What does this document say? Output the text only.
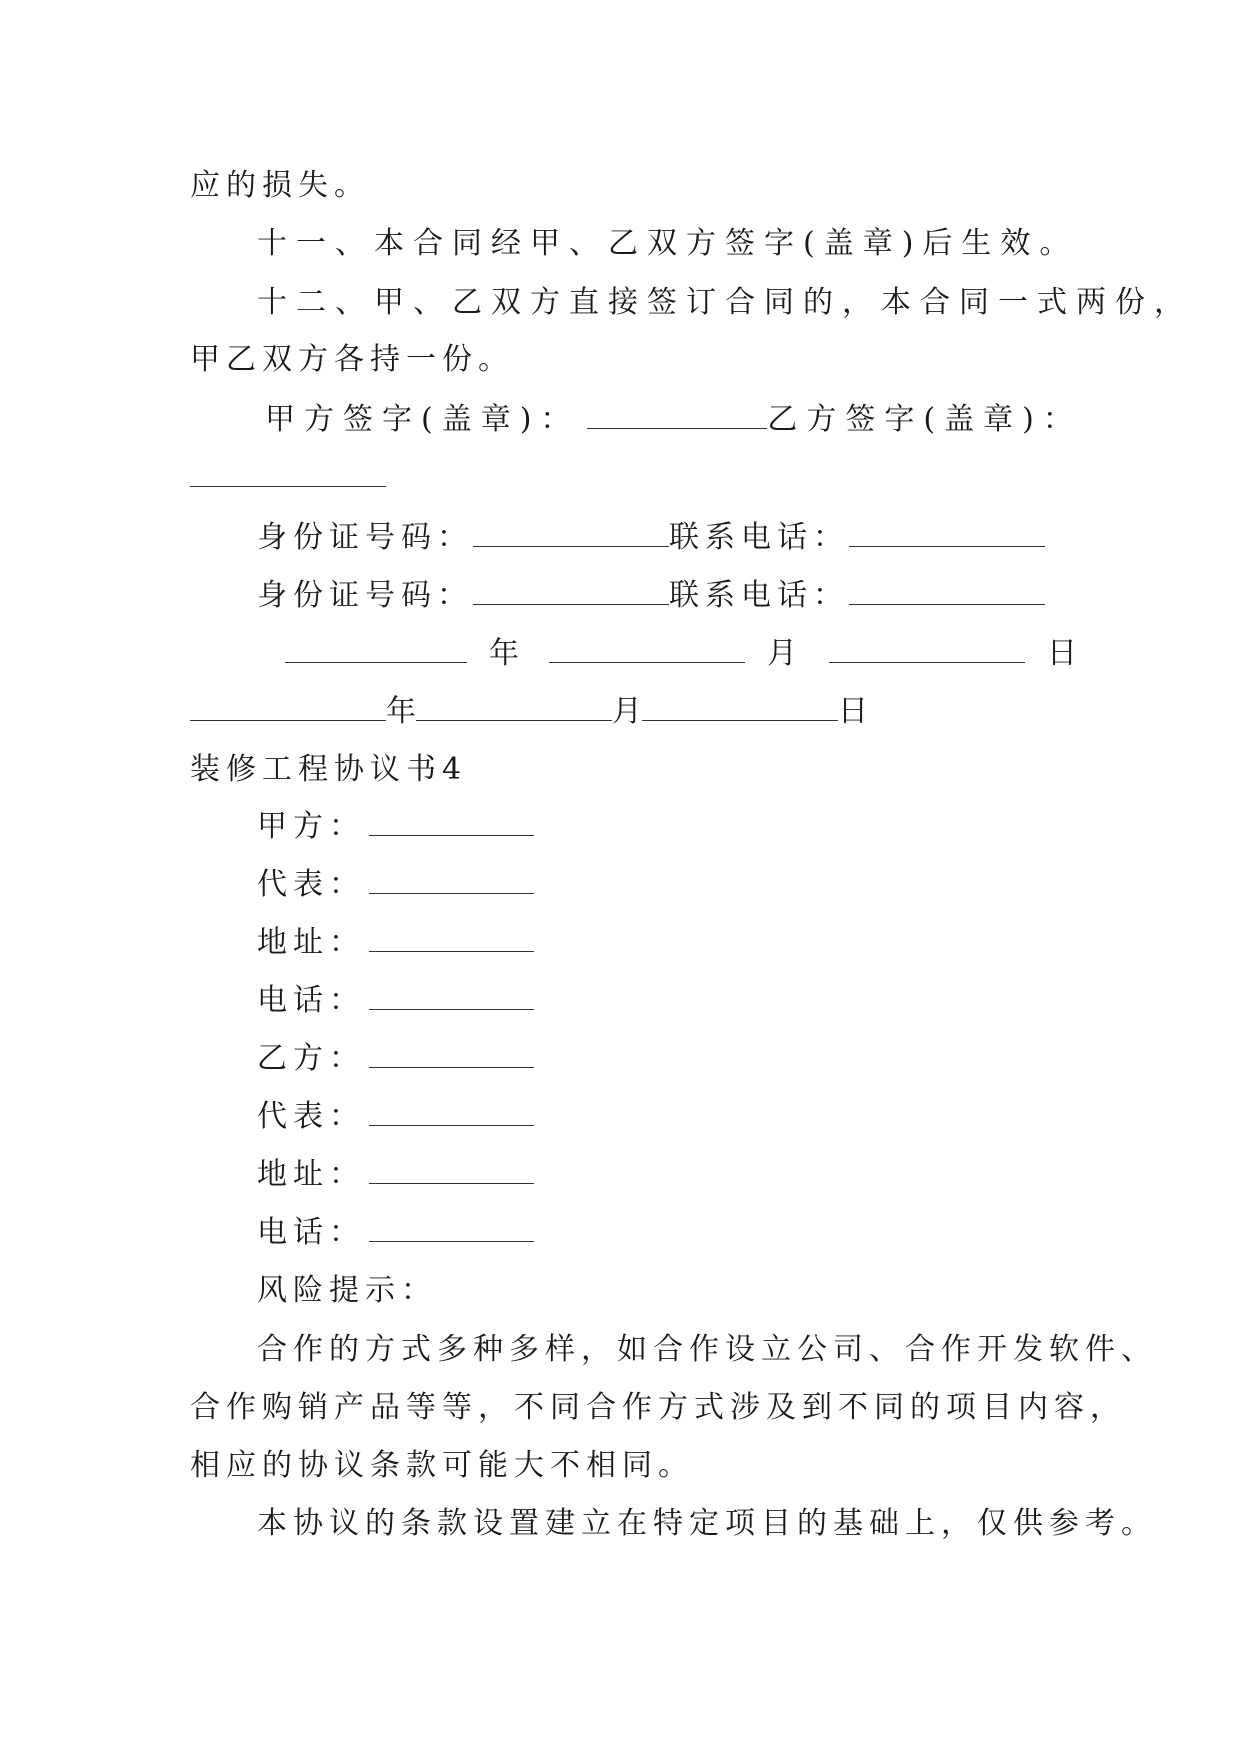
应的损失。
十一、本合同经甲、乙双方签字(盖章)后生效。
十二、甲、乙双方直接签订合同的，本合同一式两份，
甲乙双方各持一份。
甲方签字(盖章)：	乙方签字(盖章)：
身份证号码：	联系电话：
身份证号码：	联系电话：
年	月	日
年	月	日
装修工程协议书4
甲方：
代表：
地址：
电话：
乙方：
代表：
地址：
电话：
风险提示：
合作的方式多种多样，如合作设立公司、合作开发软件、
合作购销产品等等，不同合作方式涉及到不同的项目内容，
相应的协议条款可能大不相同。
本协议的条款设置建立在特定项目的基础上，仅供参考。
